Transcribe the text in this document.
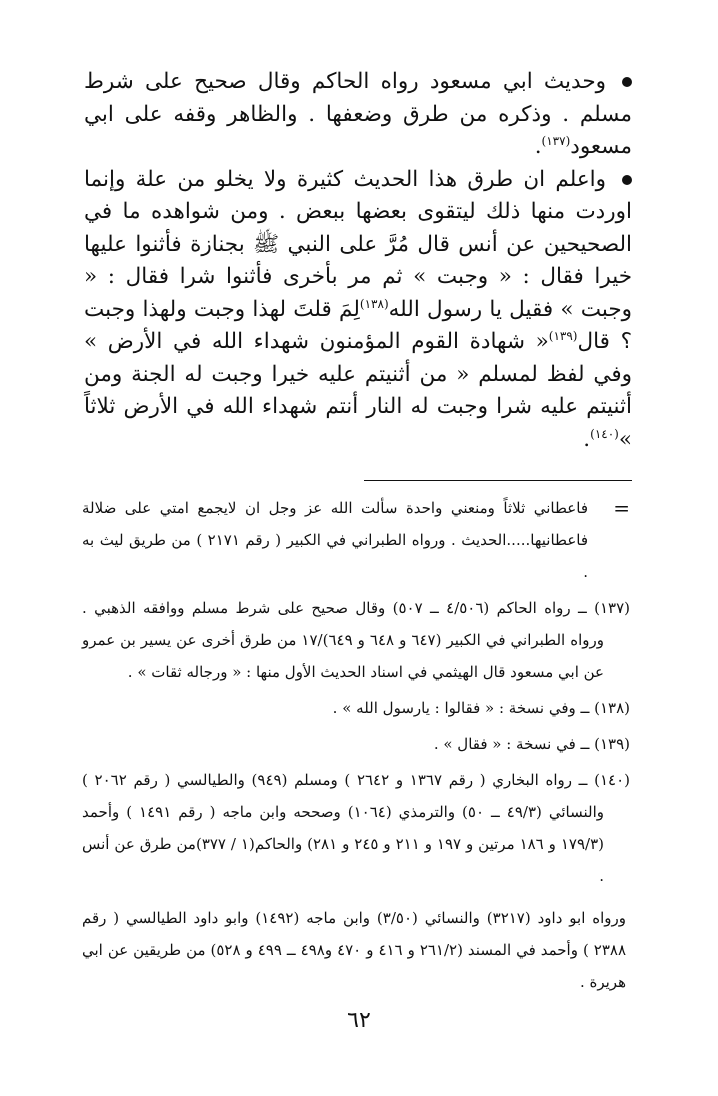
وحديث ابي مسعود رواه الحاكم وقال صحيح على شرط مسلم . وذكره من طرق وضعفها . والظاهر وقفه على ابي مسعود$^{(١٣٧)}$.

واعلم ان طرق هذا الحديث كثيرة ولا يخلو من علة وإنما اوردت منها ذلك ليتقوى بعضها ببعض . ومن شواهده ما في الصحيحين عن أنس قال مُرَّ على النبي ﷺ بجنازة فأثنوا عليها خيرا فقال : « وجبت » ثم مر بأخرى فأثنوا شرا فقال : « وجبت » فقيل يا رسول الله$^{(١٣٨)}$لِمَ قلتَ لهذا وجبت ولهذا وجبت ؟ قال$^{(١٣٩)}$« شهادة القوم المؤمنون شهداء الله في الأرض » وفي لفظ لمسلم « من أثنيتم عليه خيرا وجبت له الجنة ومن أثنيتم عليه شرا وجبت له النار أنتم شهداء الله في الأرض ثلاثاً »$^{(١٤٠)}$.

=
فاعطاني ثلاثاً ومنعني واحدة سألت الله عز وجل ان لايجمع امتي على ضلالة فاعطانيها.....الحديث . ورواه الطبراني في الكبير ( رقم ٢١٧١ ) من طريق ليث به .

(١٣٧) ــ رواه الحاكم (٤/٥٠٦ ــ ٥٠٧) وقال صحيح على شرط مسلم ووافقه الذهبي . ورواه الطبراني في الكبير (٦٤٧ و ٦٤٨ و ٦٤٩)/١٧ من طرق أخرى عن يسير بن عمرو عن ابي مسعود قال الهيثمي في اسناد الحديث الأول منها : « ورجاله ثقات » .

(١٣٨) ــ وفي نسخة : « فقالوا : يارسول الله » .

(١٣٩) ــ في نسخة : « فقال » .

(١٤٠) ــ رواه البخاري ( رقم ١٣٦٧ و ٢٦٤٢ ) ومسلم (٩٤٩) والطيالسي ( رقم ٢٠٦٢ ) والنسائي (٤٩/٣ ــ ٥٠) والترمذي (١٠٦٤) وصححه وابن ماجه ( رقم ١٤٩١ ) وأحمد (١٧٩/٣ و ١٨٦ مرتين و ١٩٧ و ٢١١ و ٢٤٥ و ٢٨١) والحاكم(١ / ٣٧٧)من طرق عن أنس .

ورواه ابو داود (٣٢١٧) والنسائي (٣/٥٠) وابن ماجه (١٤٩٢) وابو داود الطيالسي ( رقم ٢٣٨٨ ) وأحمد في المسند (٢٦١/٢ و ٤١٦ و ٤٧٠ و٤٩٨ ــ ٤٩٩ و ٥٢٨) من طريقين عن ابي هريرة .

٦٢
